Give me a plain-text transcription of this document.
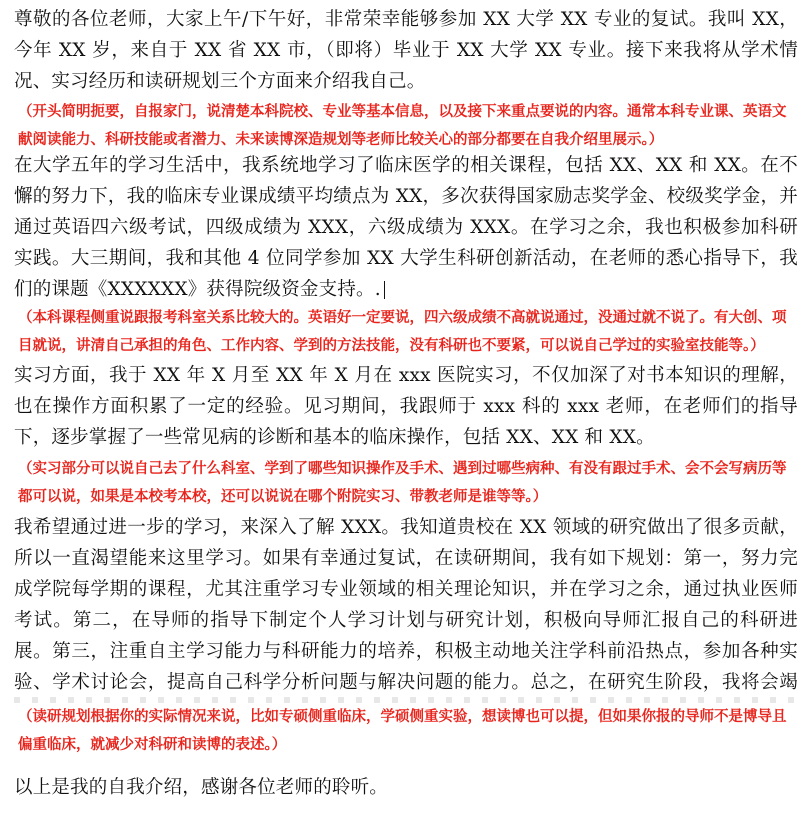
尊敬的各位老师，大家上午/下午好，非常荣幸能够参加 XX 大学 XX 专业的复试。我叫 XX，今年 XX 岁，来自于 XX 省 XX 市，（即将）毕业于 XX 大学 XX 专业。接下来我将从学术情况、实习经历和读研规划三个方面来介绍我自己。

（开头简明扼要，自报家门，说清楚本科院校、专业等基本信息，以及接下来重点要说的内容。通常本科专业课、英语文献阅读能力、科研技能或者潜力、未来读博深造规划等老师比较关心的部分都要在自我介绍里展示。）

在大学五年的学习生活中，我系统地学习了临床医学的相关课程，包括 XX、XX 和 XX。在不懈的努力下，我的临床专业课成绩平均绩点为 XX，多次获得国家励志奖学金、校级奖学金，并通过英语四六级考试，四级成绩为 XXX，六级成绩为 XXX。在学习之余，我也积极参加科研实践。大三期间，我和其他 4 位同学参加 XX 大学生科研创新活动，在老师的悉心指导下，我们的课题《XXXXXX》获得院级资金支持。.

（本科课程侧重说跟报考科室关系比较大的。英语好一定要说，四六级成绩不高就说通过，没通过就不说了。有大创、项目就说，讲清自己承担的角色、工作内容、学到的方法技能，没有科研也不要紧，可以说自己学过的实验室技能等。）

实习方面，我于 XX 年 X 月至 XX 年 X 月在 xxx 医院实习，不仅加深了对书本知识的理解，也在操作方面积累了一定的经验。见习期间，我跟师于 xxx 科的 xxx 老师，在老师们的指导下，逐步掌握了一些常见病的诊断和基本的临床操作，包括 XX、XX 和 XX。

（实习部分可以说自己去了什么科室、学到了哪些知识操作及手术、遇到过哪些病种、有没有跟过手术、会不会写病历等都可以说，如果是本校考本校，还可以说说在哪个附院实习、带教老师是谁等等。）

我希望通过进一步的学习，来深入了解 XXX。我知道贵校在 XX 领域的研究做出了很多贡献，所以一直渴望能来这里学习。如果有幸通过复试，在读研期间，我有如下规划：第一，努力完成学院每学期的课程，尤其注重学习专业领域的相关理论知识，并在学习之余，通过执业医师考试。第二，在导师的指导下制定个人学习计划与研究计划，积极向导师汇报自己的科研进展。第三，注重自主学习能力与科研能力的培养，积极主动地关注学科前沿热点，参加各种实验、学术讨论会，提高自己科学分析问题与解决问题的能力。总之，在研究生阶段，我将会竭

（读研规划根据你的实际情况来说，比如专硕侧重临床，学硕侧重实验，想读博也可以提，但如果你报的导师不是博导且偏重临床，就减少对科研和读博的表述。）

以上是我的自我介绍，感谢各位老师的聆听。
